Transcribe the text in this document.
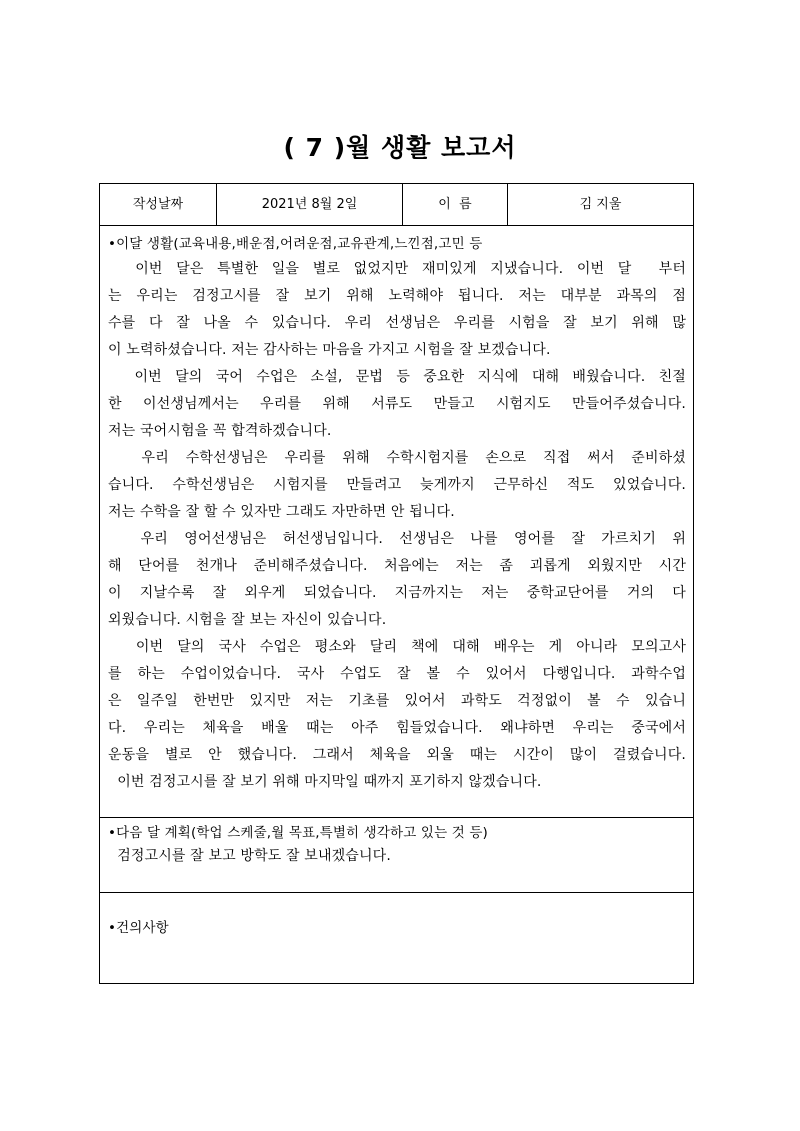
( 7 )월 생활 보고서
작성날짜	2021년 8월 2일	이  름	김 지울
•이달 생활(교육내용,배운점,어려운점,교유관계,느낀점,고민 등
이번 달은 특별한 일을 별로 없었지만 재미있게 지냈습니다. 이번 달  부터
는 우리는 검정고시를 잘 보기 위해 노력해야 됩니다. 저는 대부분 과목의 점
수를 다 잘 나올 수 있습니다. 우리 선생님은 우리를 시험을 잘 보기 위해 많
이 노력하셨습니다. 저는 감사하는 마음을 가지고 시험을 잘 보겠습니다.
이번 달의 국어 수업은 소설, 문법 등 중요한 지식에 대해 배웠습니다. 친절
한 이선생님께서는 우리를 위해 서류도 만들고 시험지도 만들어주셨습니다.
저는 국어시험을 꼭 합격하겠습니다.
우리 수학선생님은 우리를 위해 수학시험지를 손으로 직접 써서 준비하셨
습니다. 수학선생님은 시험지를 만들려고 늦게까지 근무하신 적도 있었습니다.
저는 수학을 잘 할 수 있자만 그래도 자만하면 안 됩니다.
우리 영어선생님은 허선생님입니다. 선생님은 나를 영어를 잘 가르치기 위
해 단어를 천개나 준비해주셨습니다. 처음에는 저는 좀 괴롭게 외웠지만 시간
이 지날수록 잘 외우게 되었습니다. 지금까지는 저는 중학교단어를 거의 다
외웠습니다. 시험을 잘 보는 자신이 있습니다.
이번 달의 국사 수업은 평소와 달리 책에 대해 배우는 게 아니라 모의고사
를 하는 수업이었습니다. 국사 수업도 잘 볼 수 있어서 다행입니다. 과학수업
은 일주일 한번만 있지만 저는 기초를 있어서 과학도 걱정없이 볼 수 있습니
다. 우리는 체육을 배울 때는 아주 힘들었습니다. 왜냐하면 우리는 중국에서
운동을 별로 안 했습니다. 그래서 체육을 외울 때는 시간이 많이 걸렸습니다.
이번 검정고시를 잘 보기 위해 마지막일 때까지 포기하지 않겠습니다.
•다음 달 계획(학업 스케줄,월 목표,특별히 생각하고 있는 것 등)
검정고시를 잘 보고 방학도 잘 보내겠습니다.
•건의사항
